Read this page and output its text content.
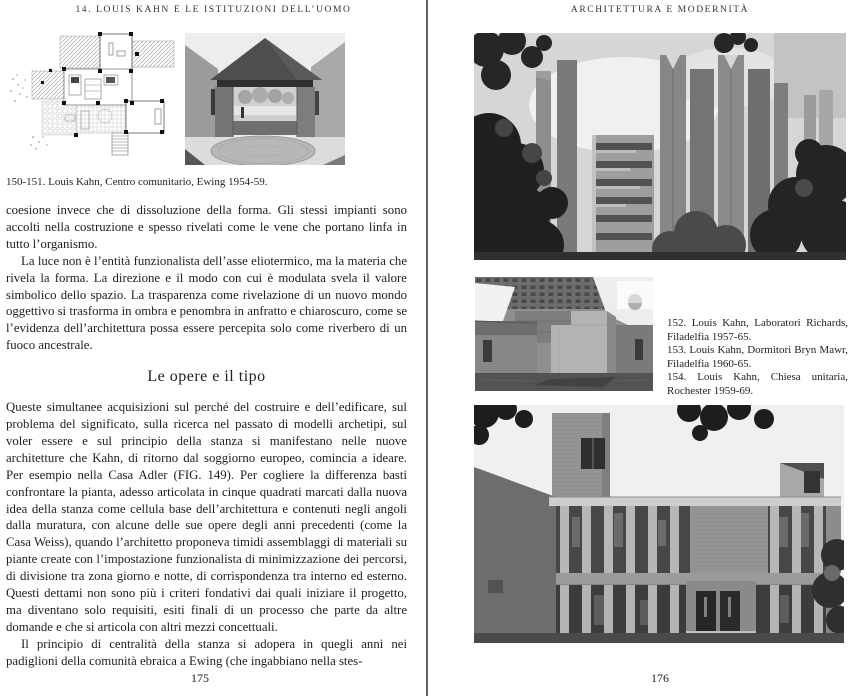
14. LOUIS KAHN E LE ISTITUZIONI DELL’UOMO
150-151. Louis Kahn, Centro comunitario, Ewing 1954-59.

coesione invece che di dissoluzione della forma. Gli stessi impianti sono accolti nella costruzione e spesso rivelati come le vene che portano linfa in tutto l’organismo.

La luce non è l’entità funzionalista dell’asse eliotermico, ma la materia che rivela la forma. La direzione e il modo con cui è modulata svela il valore simbolico dello spazio. La trasparenza come rivelazione di un nuovo mondo oggettivo si trasforma in ombra e penombra in anfratto e chiaroscuro, come se l’evidenza dell’architettura possa essere percepita solo come riverbero di un fuoco ancestrale.

Le opere e il tipo

Queste simultanee acquisizioni sul perché del costruire e dell’edificare, sul problema del significato, sulla ricerca nel passato di modelli archetipi, sul voler essere e sul principio della stanza si manifestano nelle nuove architetture che Kahn, di ritorno dal soggiorno europeo, comincia a ideare. Per esempio nella Casa Adler (FIG. 149). Per cogliere la differenza basti confrontare la pianta, adesso articolata in cinque quadrati marcati dalla nuova idea della stanza come cellula base dell’architettura e contenuti negli angoli dalla muratura, con alcune delle sue opere degli anni precedenti (come la Casa Weiss), quando l’architetto proponeva timidi assemblaggi di materiali su piante create con l’impostazione funzionalista di minimizzazione dei percorsi, di divisione tra zona giorno e notte, di corrispondenza tra interno ed esterno. Questi dettami non sono più i criteri fondativi dai quali iniziare il progetto, ma diventano solo requisiti, esiti finali di un processo che parte da altre domande e che si articola con altri mezzi concettuali.

Il principio di centralità della stanza si adopera in quegli anni nei padiglioni della comunità ebraica a Ewing (che ingabbiano nella stes-

175
ARCHITETTURA E MODERNITÀ

152. Louis Kahn, Laboratori Richards, Filadelfia 1957-65.

153. Louis Kahn, Dormitori Bryn Mawr, Filadelfia 1960-65.

154. Louis Kahn, Chiesa unitaria, Rochester 1959-69.

176
